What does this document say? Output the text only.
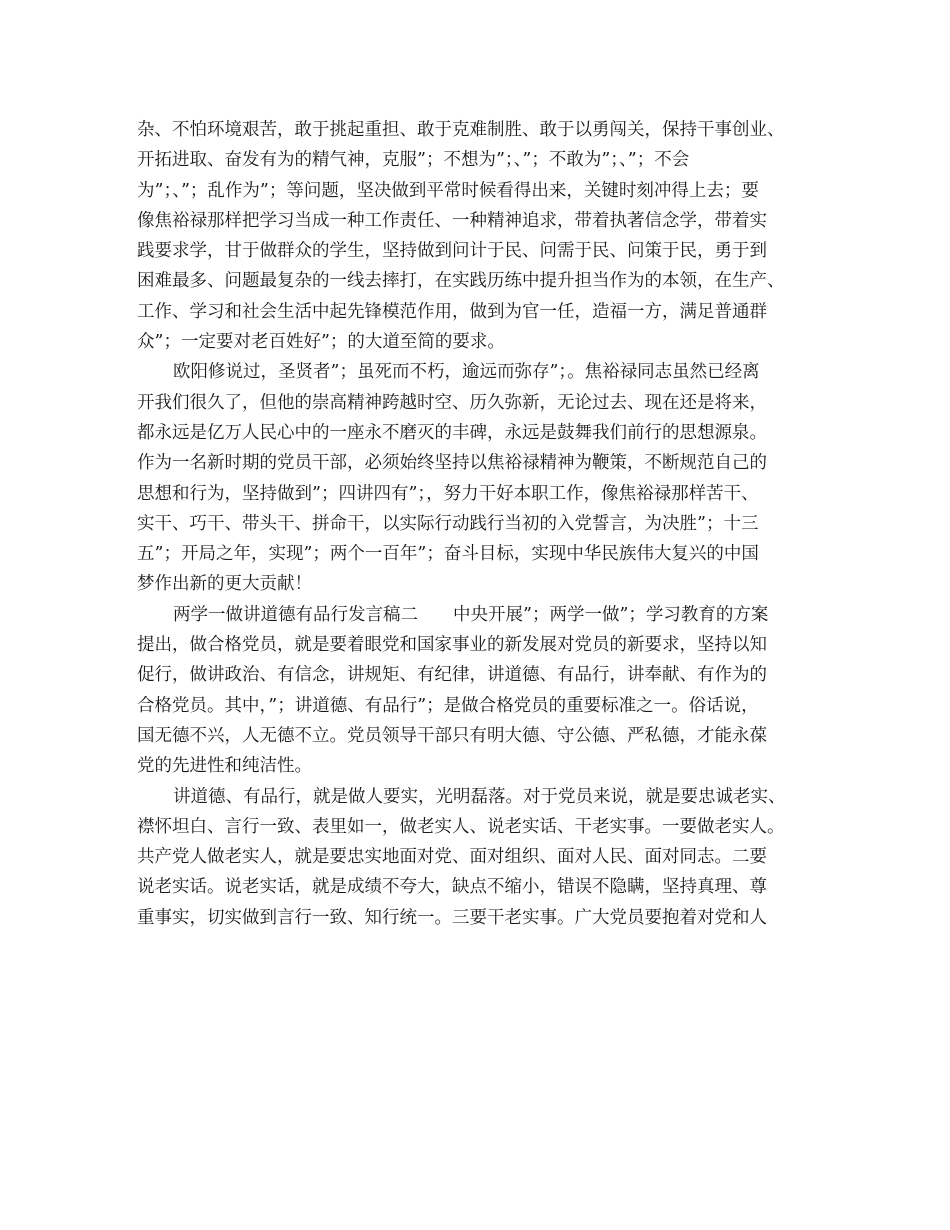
杂、不怕环境艰苦，敢于挑起重担、敢于克难制胜、敢于以勇闯关，保持干事创业、
开拓进取、奋发有为的精气神，克服”；不想为”；、”；不敢为”；、”；不会
为”；、”；乱作为”；等问题，坚决做到平常时候看得出来，关键时刻冲得上去；要
像焦裕禄那样把学习当成一种工作责任、一种精神追求，带着执著信念学，带着实
践要求学，甘于做群众的学生，坚持做到问计于民、问需于民、问策于民，勇于到
困难最多、问题最复杂的一线去摔打，在实践历练中提升担当作为的本领，在生产、
工作、学习和社会生活中起先锋模范作用，做到为官一任，造福一方，满足普通群
众”；一定要对老百姓好”；的大道至简的要求。
欧阳修说过，圣贤者”；虽死而不朽，逾远而弥存”；。焦裕禄同志虽然已经离
开我们很久了，但他的崇高精神跨越时空、历久弥新，无论过去、现在还是将来，
都永远是亿万人民心中的一座永不磨灭的丰碑，永远是鼓舞我们前行的思想源泉。
作为一名新时期的党员干部，必须始终坚持以焦裕禄精神为鞭策，不断规范自己的
思想和行为，坚持做到”；四讲四有”；，努力干好本职工作，像焦裕禄那样苦干、
实干、巧干、带头干、拼命干，以实际行动践行当初的入党誓言，为决胜”；十三
五”；开局之年，实现”；两个一百年”；奋斗目标，实现中华民族伟大复兴的中国
梦作出新的更大贡献！
两学一做讲道德有品行发言稿二　　中央开展”；两学一做”；学习教育的方案
提出，做合格党员，就是要着眼党和国家事业的新发展对党员的新要求，坚持以知
促行，做讲政治、有信念，讲规矩、有纪律，讲道德、有品行，讲奉献、有作为的
合格党员。其中，”；讲道德、有品行”；是做合格党员的重要标准之一。俗话说，
国无德不兴，人无德不立。党员领导干部只有明大德、守公德、严私德，才能永葆
党的先进性和纯洁性。
讲道德、有品行，就是做人要实，光明磊落。对于党员来说，就是要忠诚老实、
襟怀坦白、言行一致、表里如一，做老实人、说老实话、干老实事。一要做老实人。
共产党人做老实人，就是要忠实地面对党、面对组织、面对人民、面对同志。二要
说老实话。说老实话，就是成绩不夸大，缺点不缩小，错误不隐瞒，坚持真理、尊
重事实，切实做到言行一致、知行统一。三要干老实事。广大党员要抱着对党和人
